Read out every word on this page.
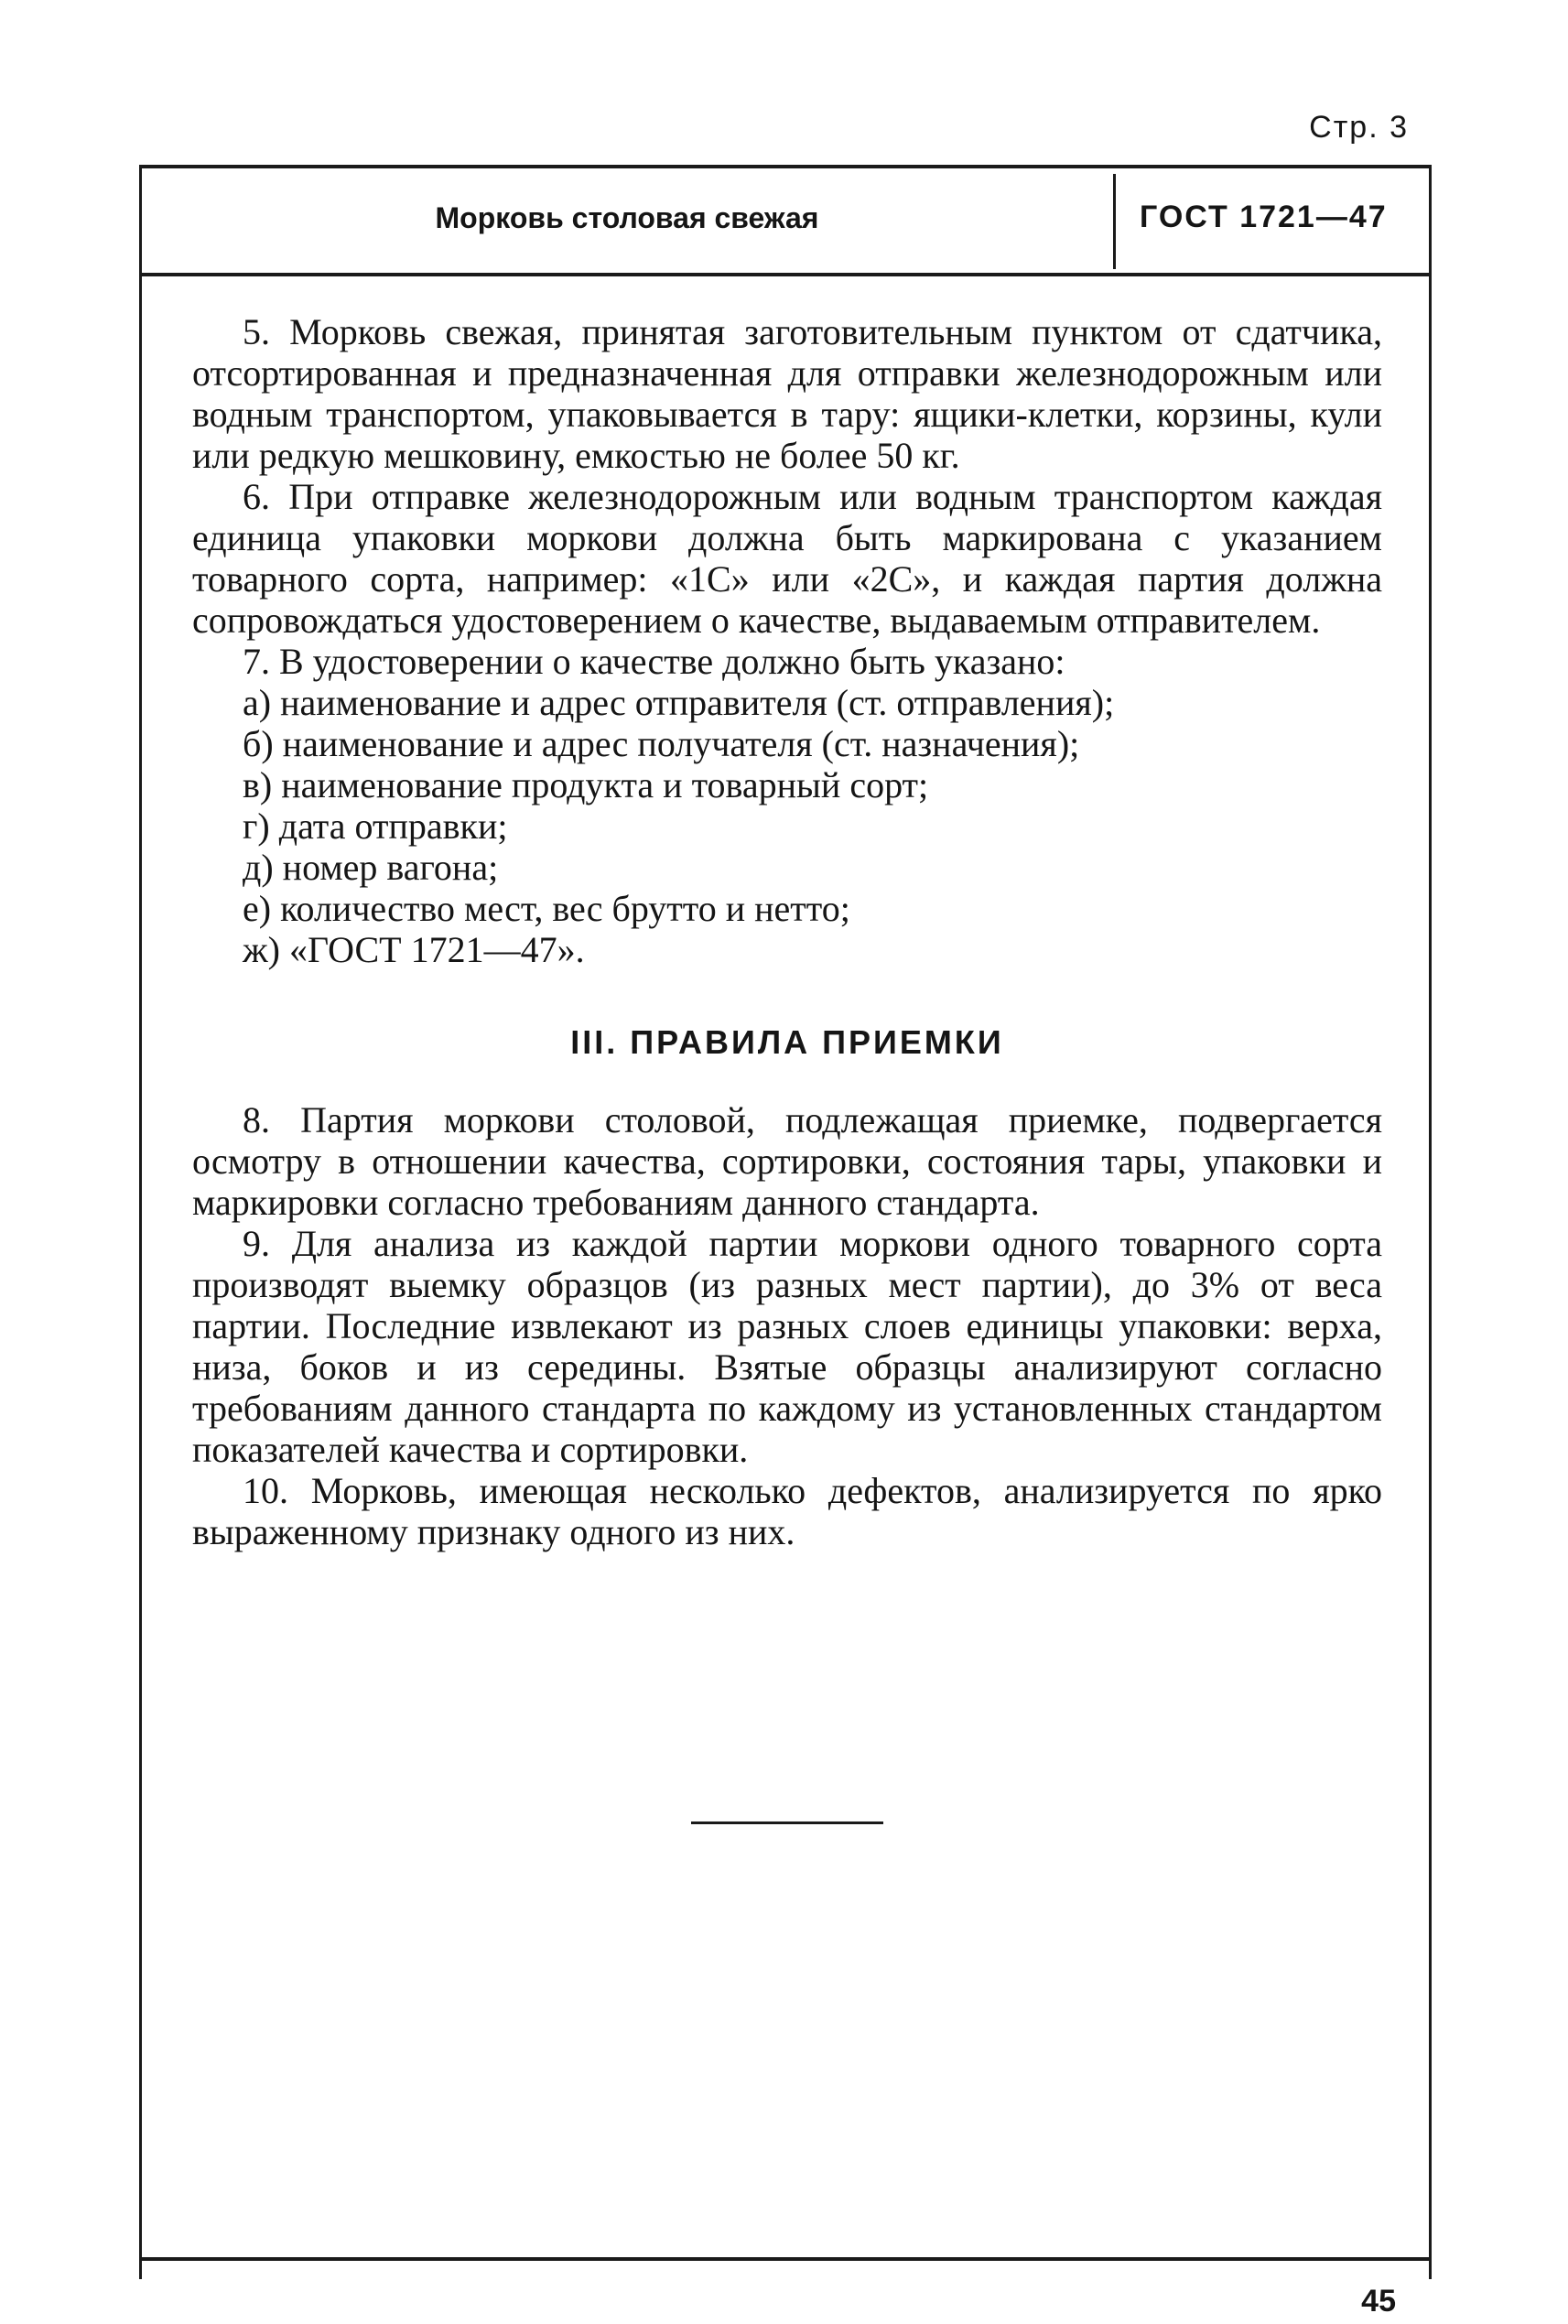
Стр. 3
Морковь столовая свежая	ГОСТ 1721—47

5. Морковь свежая, принятая заготовительным пунктом от сдатчика, отсортированная и предназначенная для отправки железнодорожным или водным транспортом, упаковывается в тару: ящики-клетки, корзины, кули или редкую мешковину, емкостью не более 50 кг.

6. При отправке железнодорожным или водным транспортом каждая единица упаковки моркови должна быть маркирована с указанием товарного сорта, например: «1С» или «2С», и каждая партия должна сопровождаться удостоверением о качестве, выдаваемым отправителем.

7. В удостоверении о качестве должно быть указано:

а) наименование и адрес отправителя (ст. отправления);
б) наименование и адрес получателя (ст. назначения);
в) наименование продукта и товарный сорт;
г) дата отправки;
д) номер вагона;
е) количество мест, вес брутто и нетто;
ж) «ГОСТ 1721—47».
III. ПРАВИЛА ПРИЕМКИ

8. Партия моркови столовой, подлежащая приемке, подвергается осмотру в отношении качества, сортировки, состояния тары, упаковки и маркировки согласно требованиям данного стандарта.

9. Для анализа из каждой партии моркови одного товарного сорта производят выемку образцов (из разных мест партии), до 3% от веса партии. Последние извлекают из разных слоев единицы упаковки: верха, низа, боков и из середины. Взятые образцы анализируют согласно требованиям данного стандарта по каждому из установленных стандартом показателей качества и сортировки.

10. Морковь, имеющая несколько дефектов, анализируется по ярко выраженному признаку одного из них.

45
